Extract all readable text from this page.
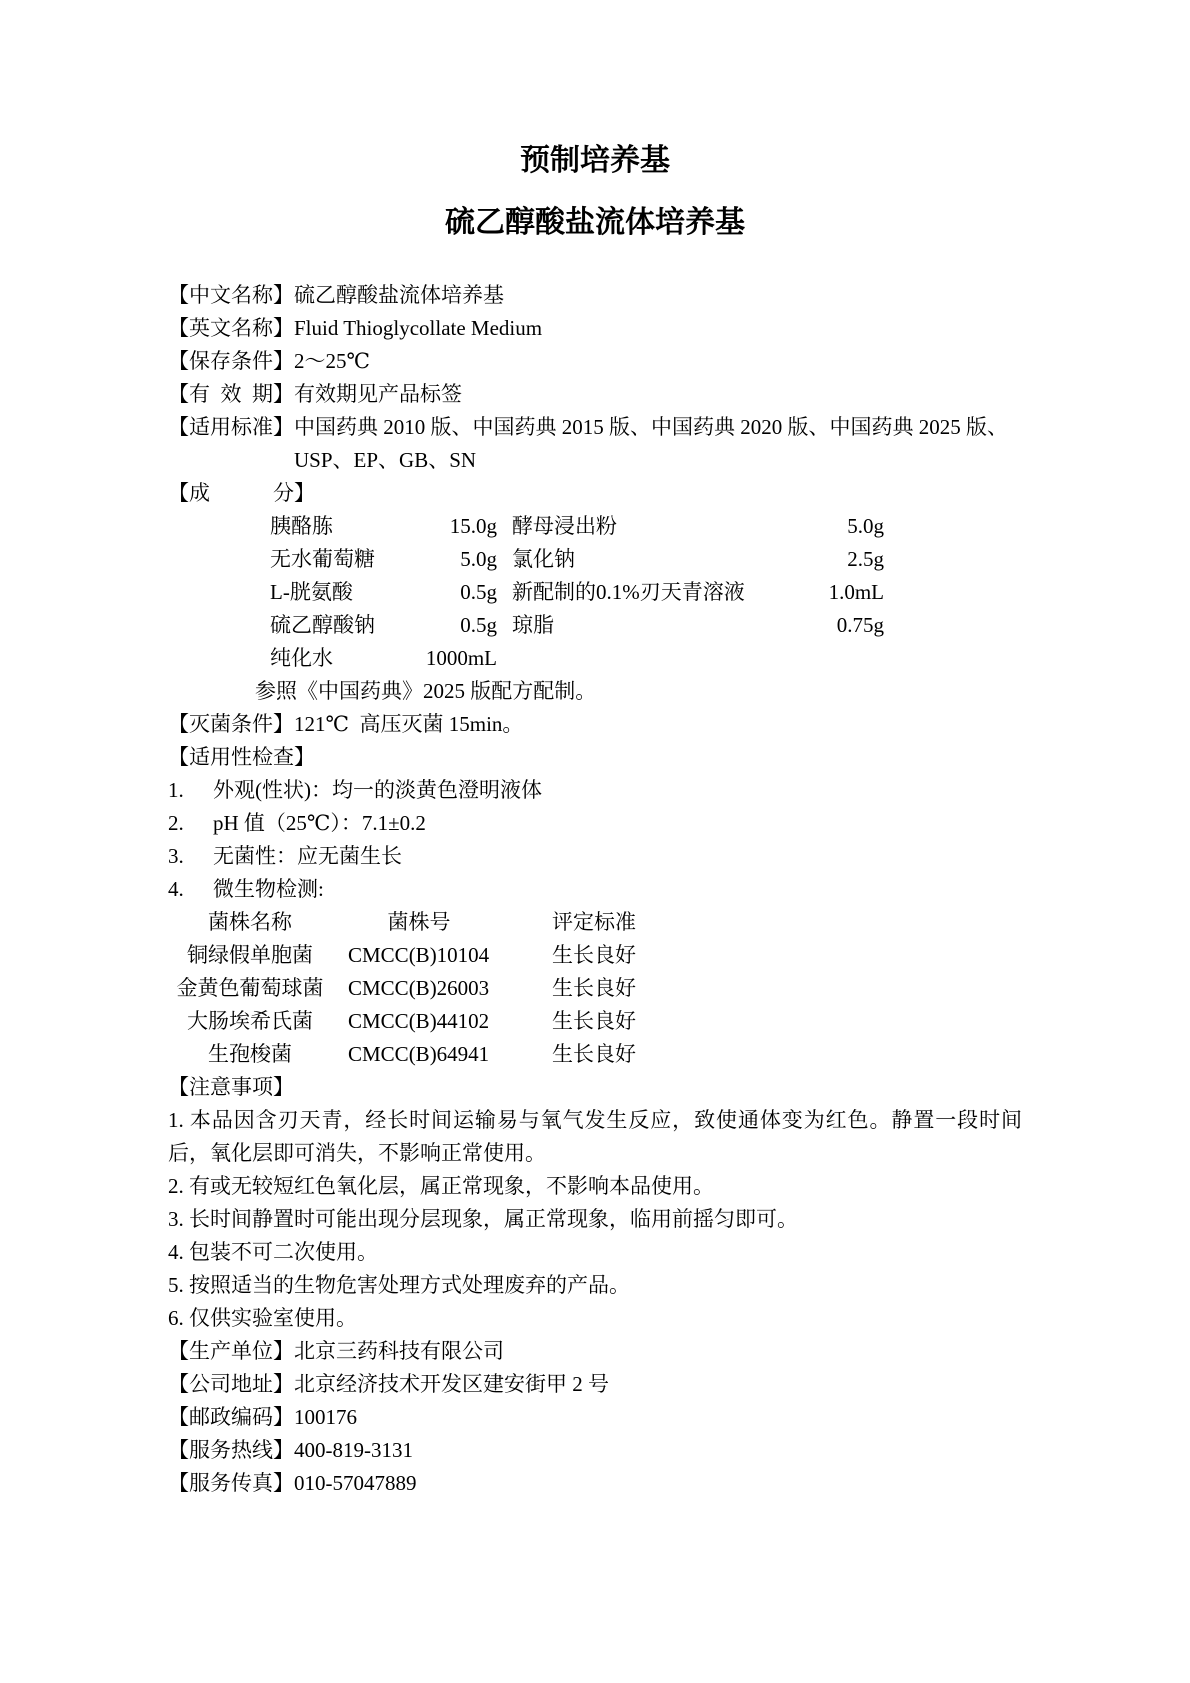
预制培养基
硫乙醇酸盐流体培养基
【中文名称】 硫乙醇酸盐流体培养基
【英文名称】 Fluid Thioglycollate Medium
【保存条件】 2～25℃
【有 效 期】 有效期见产品标签
【适用标准】 中国药典 2010 版、中国药典 2015 版、中国药典 2020 版、中国药典 2025 版、
USP、EP、GB、SN
【成      分】
胰酪胨	15.0g 酵母浸出粉	5.0g
无水葡萄糖	5.0g 氯化钠	2.5g
L-胱氨酸	0.5g 新配制的0.1%刃天青溶液	1.0mL
硫乙醇酸钠	0.5g 琼脂	0.75g
纯化水	1000mL
参照《中国药典》2025 版配方配制。
【灭菌条件】 121℃ 高压灭菌 15min。
【适用性检查】
1. 外观(性状)：均一的淡黄色澄明液体
2. pH 值（25℃）：7.1±0.2
3. 无菌性：应无菌生长
4. 微生物检测:
菌株名称	菌株号	评定标准
铜绿假单胞菌	CMCC(B)10104	生长良好
金黄色葡萄球菌 CMCC(B)26003	生长良好
大肠埃希氏菌	CMCC(B)44102	生长良好
生孢梭菌	CMCC(B)64941	生长良好
【注意事项】
1. 本品因含刃天青，经长时间运输易与氧气发生反应，致使通体变为红色。静置一段时间后，氧化层即可消失，不影响正常使用。
2. 有或无较短红色氧化层，属正常现象，不影响本品使用。
3. 长时间静置时可能出现分层现象，属正常现象，临用前摇匀即可。
4. 包装不可二次使用。
5. 按照适当的生物危害处理方式处理废弃的产品。
6. 仅供实验室使用。
【生产单位】 北京三药科技有限公司
【公司地址】 北京经济技术开发区建安街甲 2 号
【邮政编码】 100176
【服务热线】 400-819-3131
【服务传真】 010-57047889
